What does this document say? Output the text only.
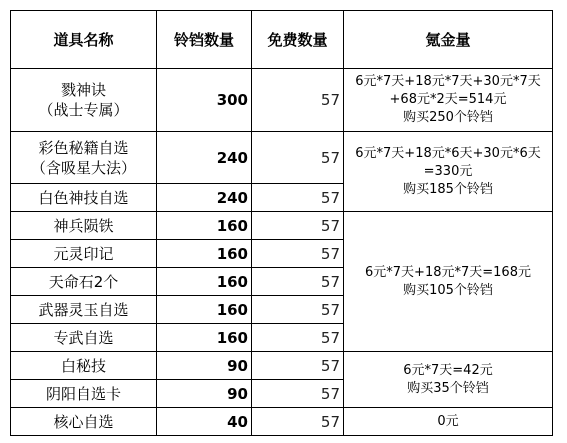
道具名称	铃铛数量	免费数量	氪金量

戮神诀
（战士专属）	300	57	6元*7天+18元*7天+30元*7天
+68元*2天=514元
购买250个铃铛

彩色秘籍自选
（含吸星大法）	240	57	6元*7天+18元*6天+30元*6天
=330元
购买185个铃铛

白色神技自选	240	57	
神兵陨铁	160	57	6元*7天+18元*7天=168元
购买105个铃铛

元灵印记	160	57	
天命石2个	160	57	
武器灵玉自选	160	57	
专武自选	160	57	
白秘技	90	57	6元*7天=42元
购买35个铃铛

阴阳自选卡	90	57	
核心自选	40	57	0元
